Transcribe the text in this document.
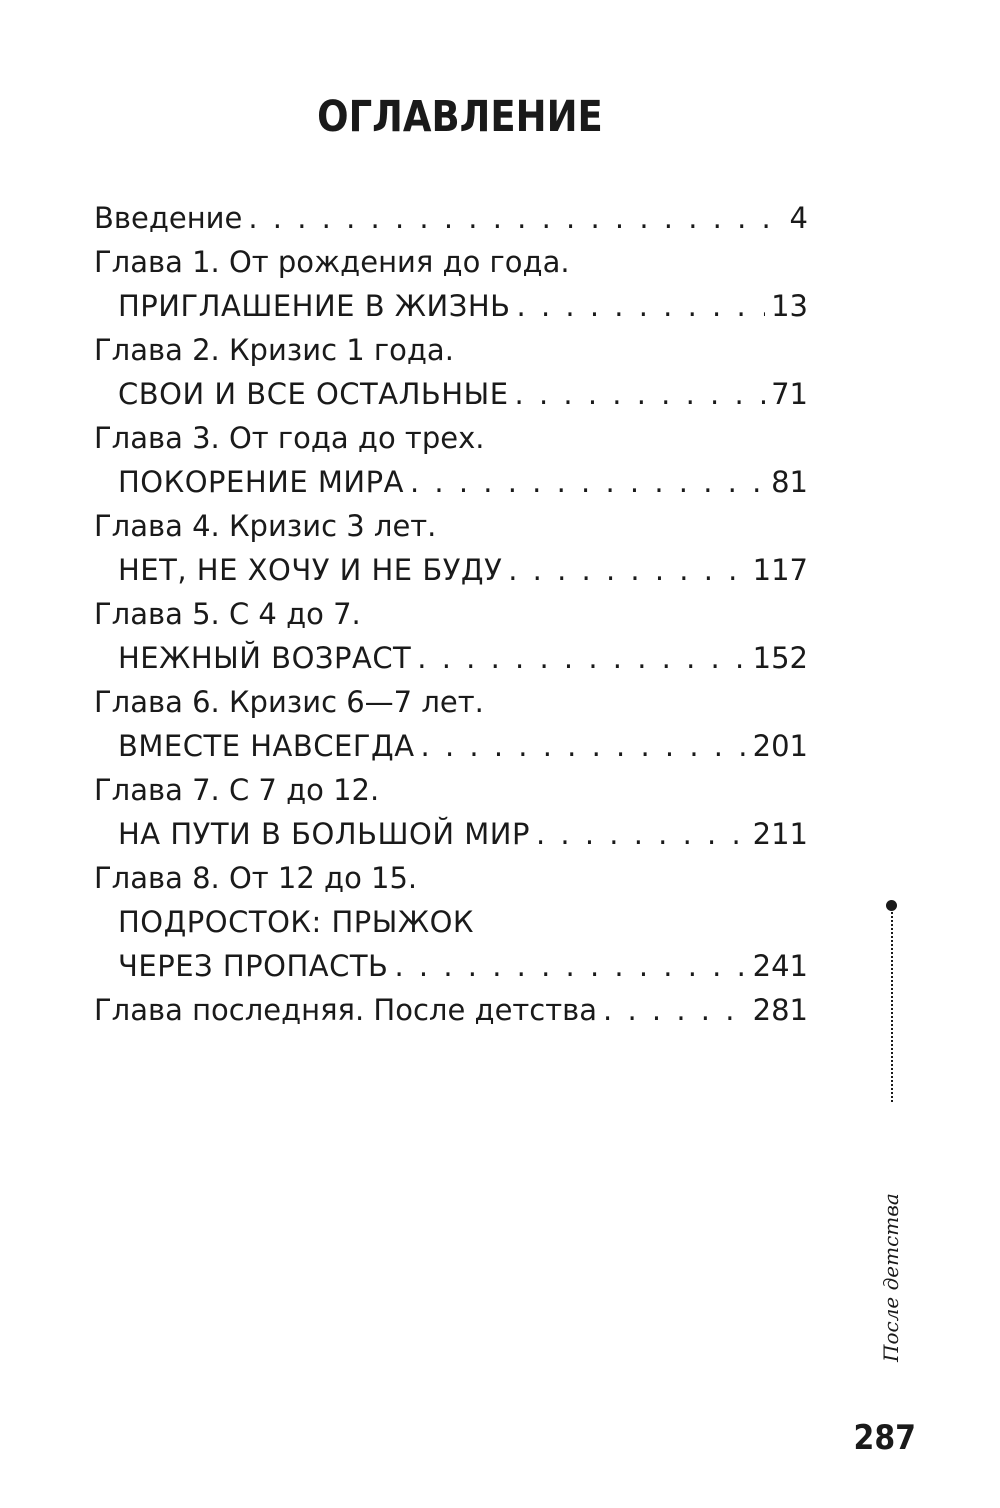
ОГЛАВЛЕНИЕ
Введение . . .	4
Глава 1. От рождения до года.
ПРИГЛАШЕНИЕ В ЖИЗНЬ . . .	13
Глава 2. Кризис 1 года.
СВОИ И ВСЕ ОСТАЛЬНЫЕ . . .	71
Глава 3. От года до трех.
ПОКОРЕНИЕ МИРА . . .	81
Глава 4. Кризис 3 лет.
НЕТ, НЕ ХОЧУ И НЕ БУДУ . . .	117
Глава 5. С 4 до 7.
НЕЖНЫЙ ВОЗРАСТ . . .	152
Глава 6. Кризис 6—7 лет.
ВМЕСТЕ НАВСЕГДА . . .	201
Глава 7. С 7 до 12.
НА ПУТИ В БОЛЬШОЙ МИР . . .	211
Глава 8. От 12 до 15.
ПОДРОСТОК: ПРЫЖОК
ЧЕРЕЗ ПРОПАСТЬ . . .	241
Глава последняя. После детства . . .	281
После детства
287
